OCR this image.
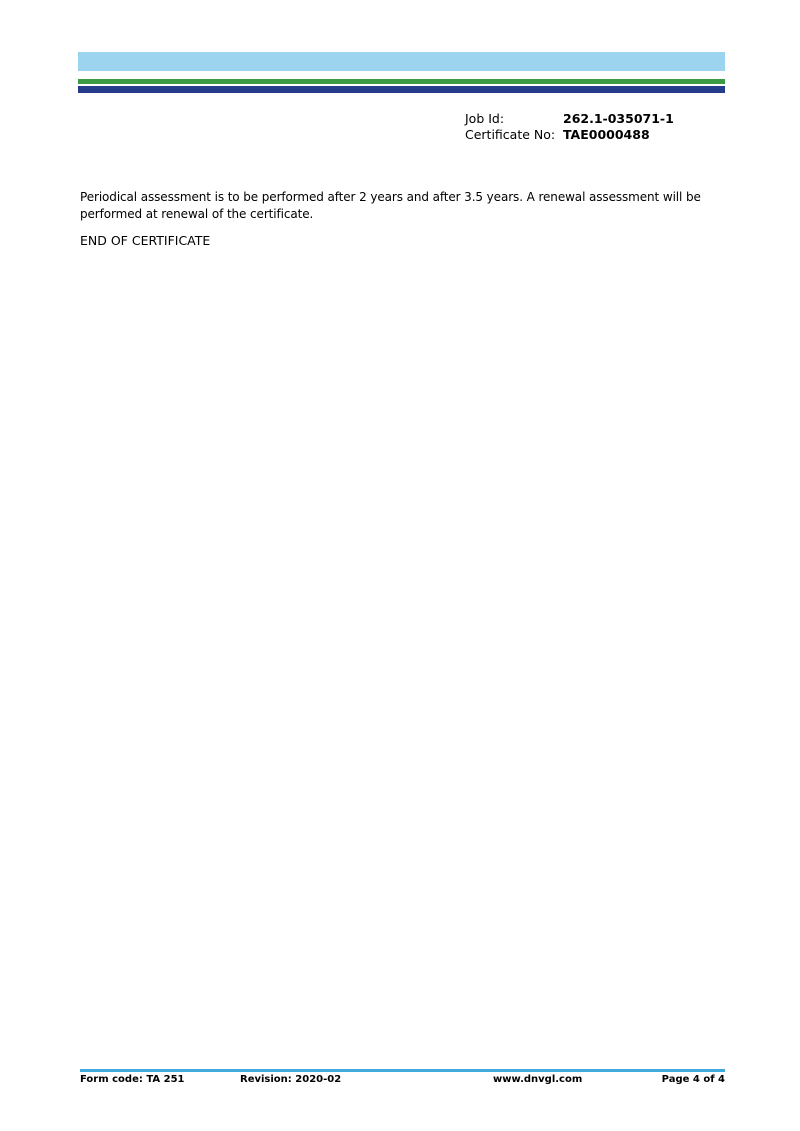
Job Id:	262.1-035071-1
Certificate No: TAE0000488

Periodical assessment is to be performed after 2 years and after 3.5 years. A renewal assessment will be performed at renewal of the certificate.

END OF CERTIFICATE

Form code: TA 251	Revision: 2020-02	www.dnvgl.com	Page 4 of 4
